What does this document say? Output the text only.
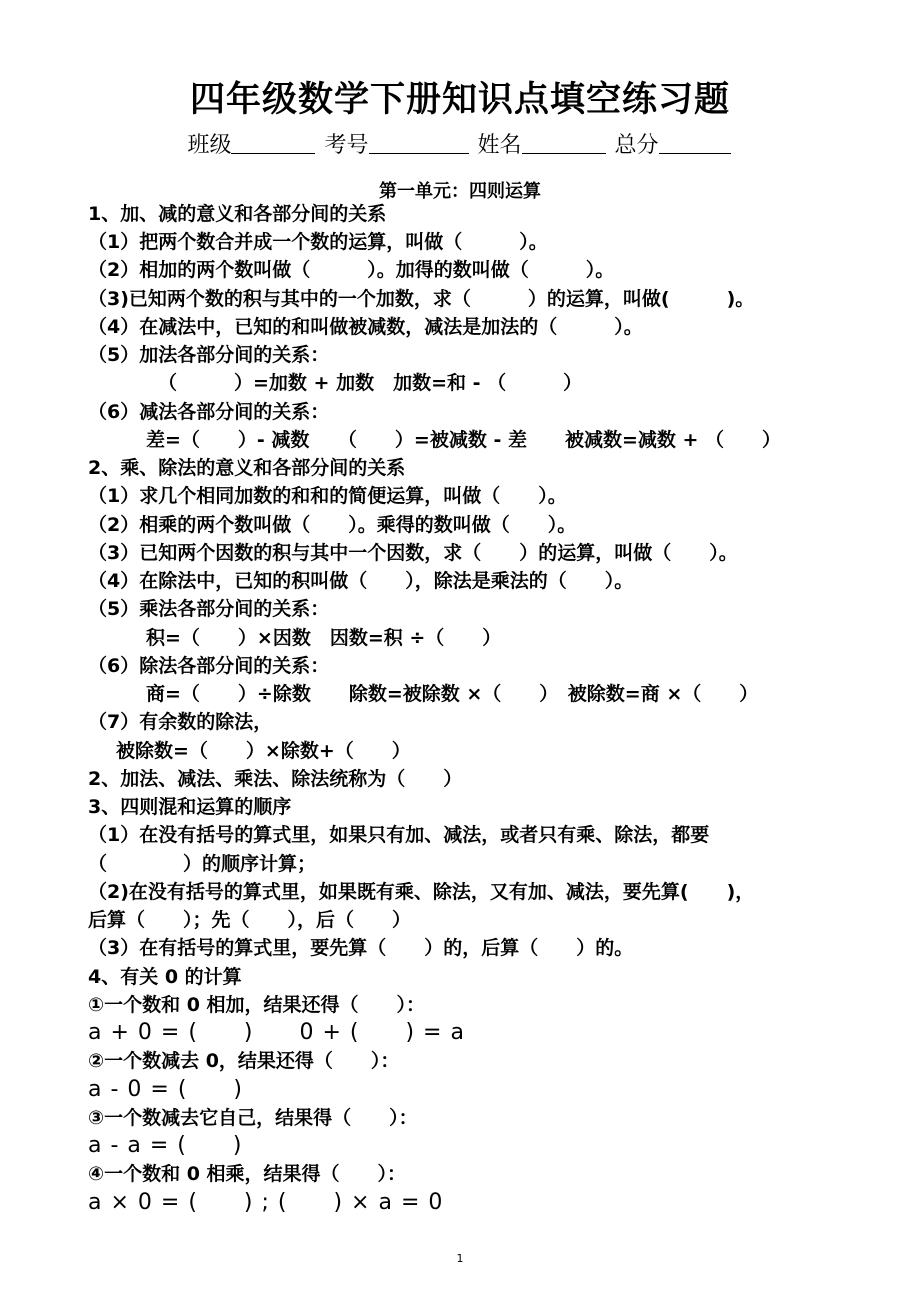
四年级数学下册知识点填空练习题
班级	考号	姓名	总分
第一单元：四则运算
1、加、减的意义和各部分间的关系
（1）把两个数合并成一个数的运算，叫做（　　　）。
（2）相加的两个数叫做（　　　）。加得的数叫做（　　　）。
（3)已知两个数的积与其中的一个加数，求（　　　）的运算，叫做(　　　)。
（4）在减法中，已知的和叫做被减数，减法是加法的（　　　）。
（5）加法各部分间的关系：
（　　　）=加数 + 加数　加数=和 - （　　　）
（6）减法各部分间的关系：
差=（　　）- 减数　　（　　）=被减数 - 差　　被减数=减数 + （　　）
2、乘、除法的意义和各部分间的关系
（1）求几个相同加数的和和的简便运算，叫做（　　）。
（2）相乘的两个数叫做（　　）。乘得的数叫做（　　）。
（3）已知两个因数的积与其中一个因数，求（　　）的运算，叫做（　　）。
（4）在除法中，已知的积叫做（　　），除法是乘法的（　　）。
（5）乘法各部分间的关系：
积=（　　）×因数　因数=积 ÷（　　）
（6）除法各部分间的关系：
商=（　　）÷除数　　除数=被除数 ×（　　）　被除数=商 ×（　　）
（7）有余数的除法，
被除数=（　　）×除数+（　　）
2、加法、减法、乘法、除法统称为（　　）
3、四则混和运算的顺序
（1）在没有括号的算式里，如果只有加、减法，或者只有乘、除法，都要
（　　　　）的顺序计算；
（2)在没有括号的算式里，如果既有乘、除法，又有加、减法，要先算(　　)，
后算（　　）；先（　　），后（　　）
（3）在有括号的算式里，要先算（　　）的，后算（　　）的。
4、有关 0 的计算
①一个数和 0 相加，结果还得（　　）：
a + 0 = (　　)　　0 + (　　) = a
②一个数减去 0，结果还得（　　）：
a - 0 = (　　)
③一个数减去它自己，结果得（　　）：
a - a = (　　)
④一个数和 0 相乘，结果得（　　）：
a × 0 = (　　) ; (　　) × a = 0
1
